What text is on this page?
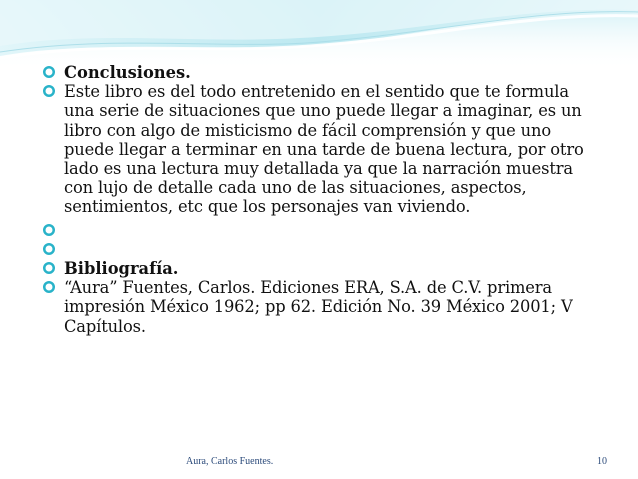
Conclusiones.
Este libro es del todo entretenido en el sentido que te formula una serie de situaciones que uno puede llegar a imaginar, es un libro con algo de misticismo de fácil comprensión y que uno puede llegar a terminar en una tarde de buena lectura, por otro lado es una lectura muy detallada ya que la narración muestra con lujo de detalle cada uno de las situaciones, aspectos, sentimientos, etc que los personajes van viviendo.

Bibliografía.
“Aura” Fuentes, Carlos. Ediciones ERA, S.A. de C.V. primera impresión México 1962; pp 62. Edición No. 39 México 2001; V Capítulos.
Aura, Carlos Fuentes.	10
